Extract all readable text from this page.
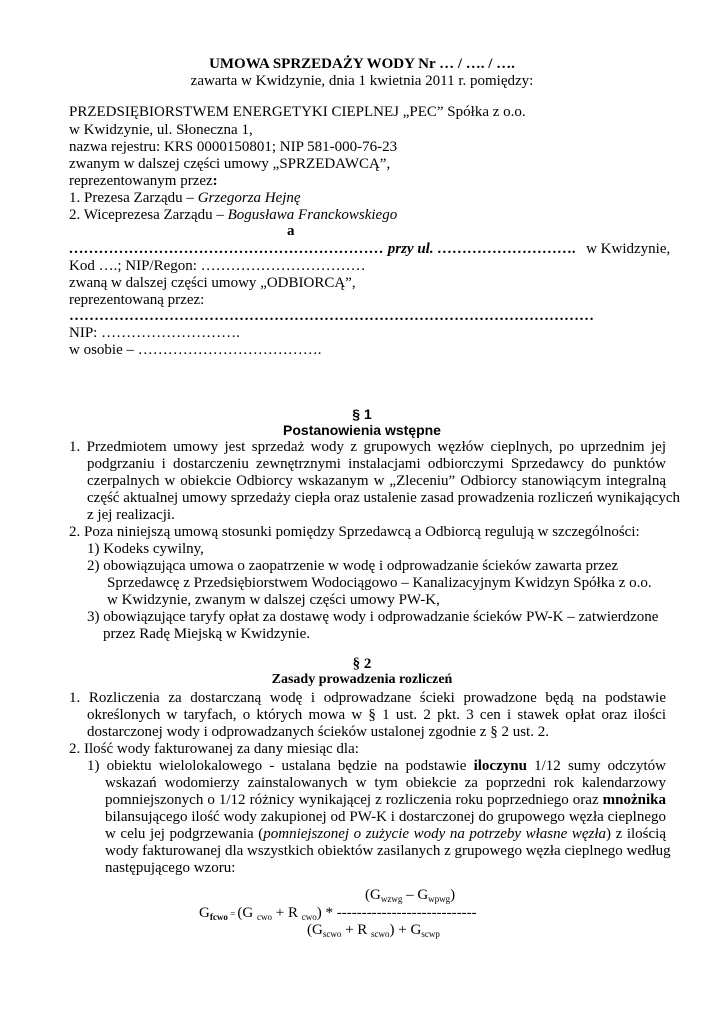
UMOWA SPRZEDAŻY WODY Nr … / …. / ….
zawarta w Kwidzynie, dnia 1 kwietnia 2011 r. pomiędzy:
PRZEDSIĘBIORSTWEM ENERGETYKI CIEPLNEJ „PEC” Spółka z o.o.
w Kwidzynie, ul. Słoneczna 1,
nazwa rejestru: KRS 0000150801; NIP 581-000-76-23
zwanym w dalszej części umowy „SPRZEDAWCĄ”,
reprezentowanym przez:
1. Prezesa Zarządu – Grzegorza Hejnę
2. Wiceprezesa Zarządu – Bogusława Franckowskiego
a
……………………………………………………… przy ul. ………………………. w Kwidzynie,
Kod ….; NIP/Regon: ……………………………
zwaną w dalszej części umowy „ODBIORCĄ”,
reprezentowaną przez:
……………………………………………………………………………………………
NIP: ……………………….
w osobie – ……………………………….
§ 1
Postanowienia wstępne
1. Przedmiotem umowy jest sprzedaż wody z grupowych węzłów cieplnych, po uprzednim jej
podgrzaniu i dostarczeniu zewnętrznymi instalacjami odbiorczymi Sprzedawcy do punktów
czerpalnych w obiekcie Odbiorcy wskazanym w „Zleceniu” Odbiorcy stanowiącym integralną
część aktualnej umowy sprzedaży ciepła oraz ustalenie zasad prowadzenia rozliczeń wynikających
z jej realizacji.
2. Poza niniejszą umową stosunki pomiędzy Sprzedawcą a Odbiorcą regulują w szczególności:
1) Kodeks cywilny,
2) obowiązująca umowa o zaopatrzenie w wodę i odprowadzanie ścieków zawarta przez
Sprzedawcę z Przedsiębiorstwem Wodociągowo – Kanalizacyjnym Kwidzyn Spółka z o.o.
w Kwidzynie, zwanym w dalszej części umowy PW-K,
3) obowiązujące taryfy opłat za dostawę wody i odprowadzanie ścieków PW-K – zatwierdzone
przez Radę Miejską w Kwidzynie.
§ 2
Zasady prowadzenia rozliczeń
1. Rozliczenia za dostarczaną wodę i odprowadzane ścieki prowadzone będą na podstawie
określonych w taryfach, o których mowa w § 1 ust. 2 pkt. 3 cen i stawek opłat oraz ilości
dostarczonej wody i odprowadzanych ścieków ustalonej zgodnie z § 2 ust. 2.
2. Ilość wody fakturowanej za dany miesiąc dla:
1) obiektu wielolokalowego - ustalana będzie na podstawie iloczynu 1/12 sumy odczytów
wskazań wodomierzy zainstalowanych w tym obiekcie za poprzedni rok kalendarzowy
pomniejszonych o 1/12 różnicy wynikającej z rozliczenia roku poprzedniego oraz mnożnika
bilansującego ilość wody zakupionej od PW-K i dostarczonej do grupowego węzła cieplnego
w celu jej podgrzewania (pomniejszonej o zużycie wody na potrzeby własne węzła) z ilością
wody fakturowanej dla wszystkich obiektów zasilanych z grupowego węzła cieplnego według
następującego wzoru:
$(G_{wzwg} - G_{wpwg})$
$G_{fcwo} = (G$ $_{cwo}$ + R $_{cwo}$) * ----------------------------
($G_{scwo} + R$ $_{scwo}) + G_{scwp}$
